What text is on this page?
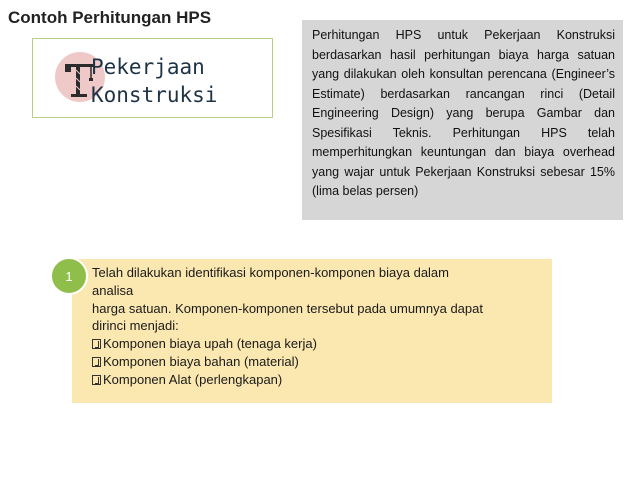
Contoh Perhitungan HPS
Pekerjaan
Konstruksi
Perhitungan HPS untuk Pekerjaan Konstruksi berdasarkan hasil perhitungan biaya harga satuan yang dilakukan oleh konsultan perencana (Engineer’s Estimate) berdasarkan rancangan rinci (Detail Engineering Design) yang berupa Gambar dan Spesifikasi Teknis. Perhitungan HPS telah memperhitungkan keuntungan dan biaya overhead yang wajar untuk Pekerjaan Konstruksi sebesar 15% (lima belas persen)
1	Telah dilakukan identifikasi komponen-komponen biaya dalam
analisa
harga satuan. Komponen-komponen tersebut pada umumnya dapat
dirinci menjadi:
Komponen biaya upah (tenaga kerja)
Komponen biaya bahan (material)
Komponen Alat (perlengkapan)
